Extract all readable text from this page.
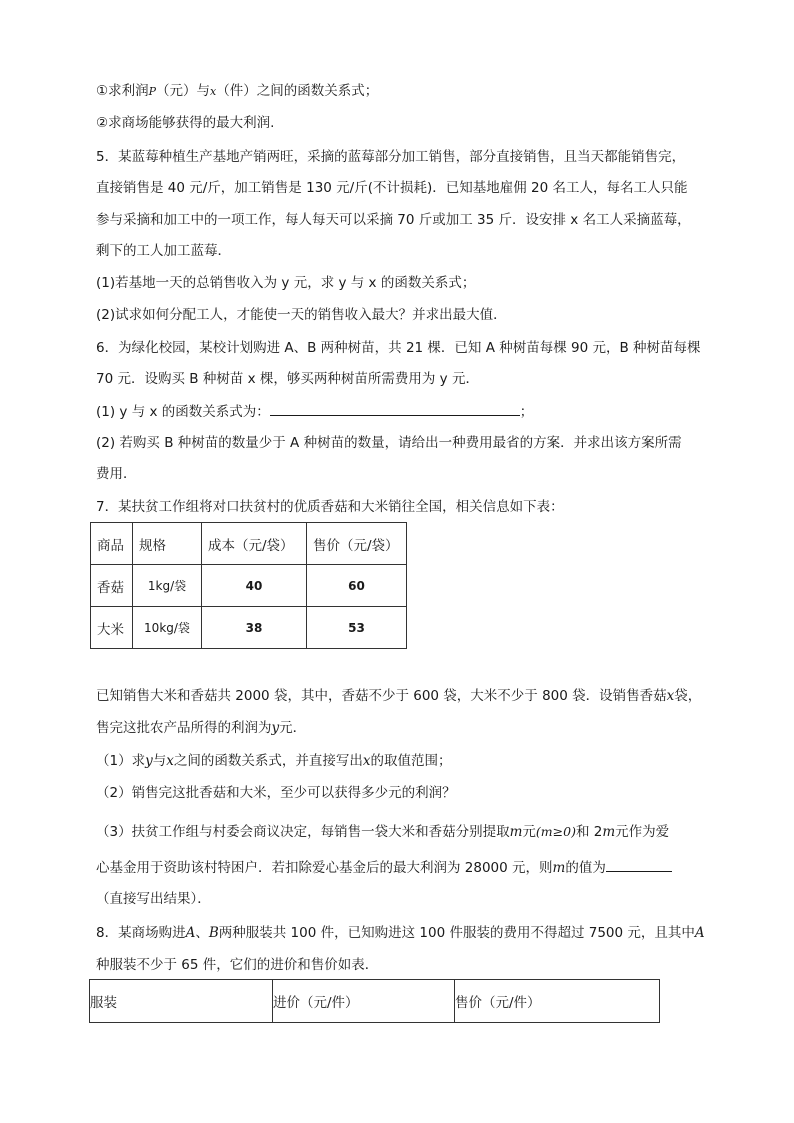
①求利润P（元）与x（件）之间的函数关系式；
②求商场能够获得的最大利润.
5．某蓝莓种植生产基地产销两旺，采摘的蓝莓部分加工销售，部分直接销售，且当天都能销售完，
直接销售是 40 元/斤，加工销售是 130 元/斤(不计损耗)．已知基地雇佣 20 名工人，每名工人只能
参与采摘和加工中的一项工作，每人每天可以采摘 70 斤或加工 35 斤．设安排 x 名工人采摘蓝莓，
剩下的工人加工蓝莓．
(1)若基地一天的总销售收入为 y 元，求 y 与 x 的函数关系式；
(2)试求如何分配工人，才能使一天的销售收入最大？并求出最大值．
6．为绿化校园，某校计划购进 A、B 两种树苗，共 21 棵．已知 A 种树苗每棵 90 元，B 种树苗每棵
70 元．设购买 B 种树苗 x 棵，够买两种树苗所需费用为 y 元．
(1) y 与 x 的函数关系式为：	；
(2) 若购买 B 种树苗的数量少于 A 种树苗的数量，请给出一种费用最省的方案．并求出该方案所需
费用．
7．某扶贫工作组将对口扶贫村的优质香菇和大米销往全国，相关信息如下表：
商品	规格	成本（元/袋）	售价（元/袋）
香菇	1kg/袋	40	60
大米	10kg/袋	38	53
已知销售大米和香菇共 2000 袋，其中，香菇不少于 600 袋，大米不少于 800 袋．设销售香菇x袋，
售完这批农产品所得的利润为y元．
（1）求y与x之间的函数关系式，并直接写出x的取值范围；
（2）销售完这批香菇和大米，至少可以获得多少元的利润？
（3）扶贫工作组与村委会商议决定，每销售一袋大米和香菇分别提取m元(m≥0)和 2m元作为爱
心基金用于资助该村特困户．若扣除爱心基金后的最大利润为 28000 元，则m的值为
（直接写出结果）．
8．某商场购进A、B两种服装共 100 件，已知购进这 100 件服装的费用不得超过 7500 元，且其中A
种服装不少于 65 件，它们的进价和售价如表．
服装	进价（元/件）	售价（元/件）
